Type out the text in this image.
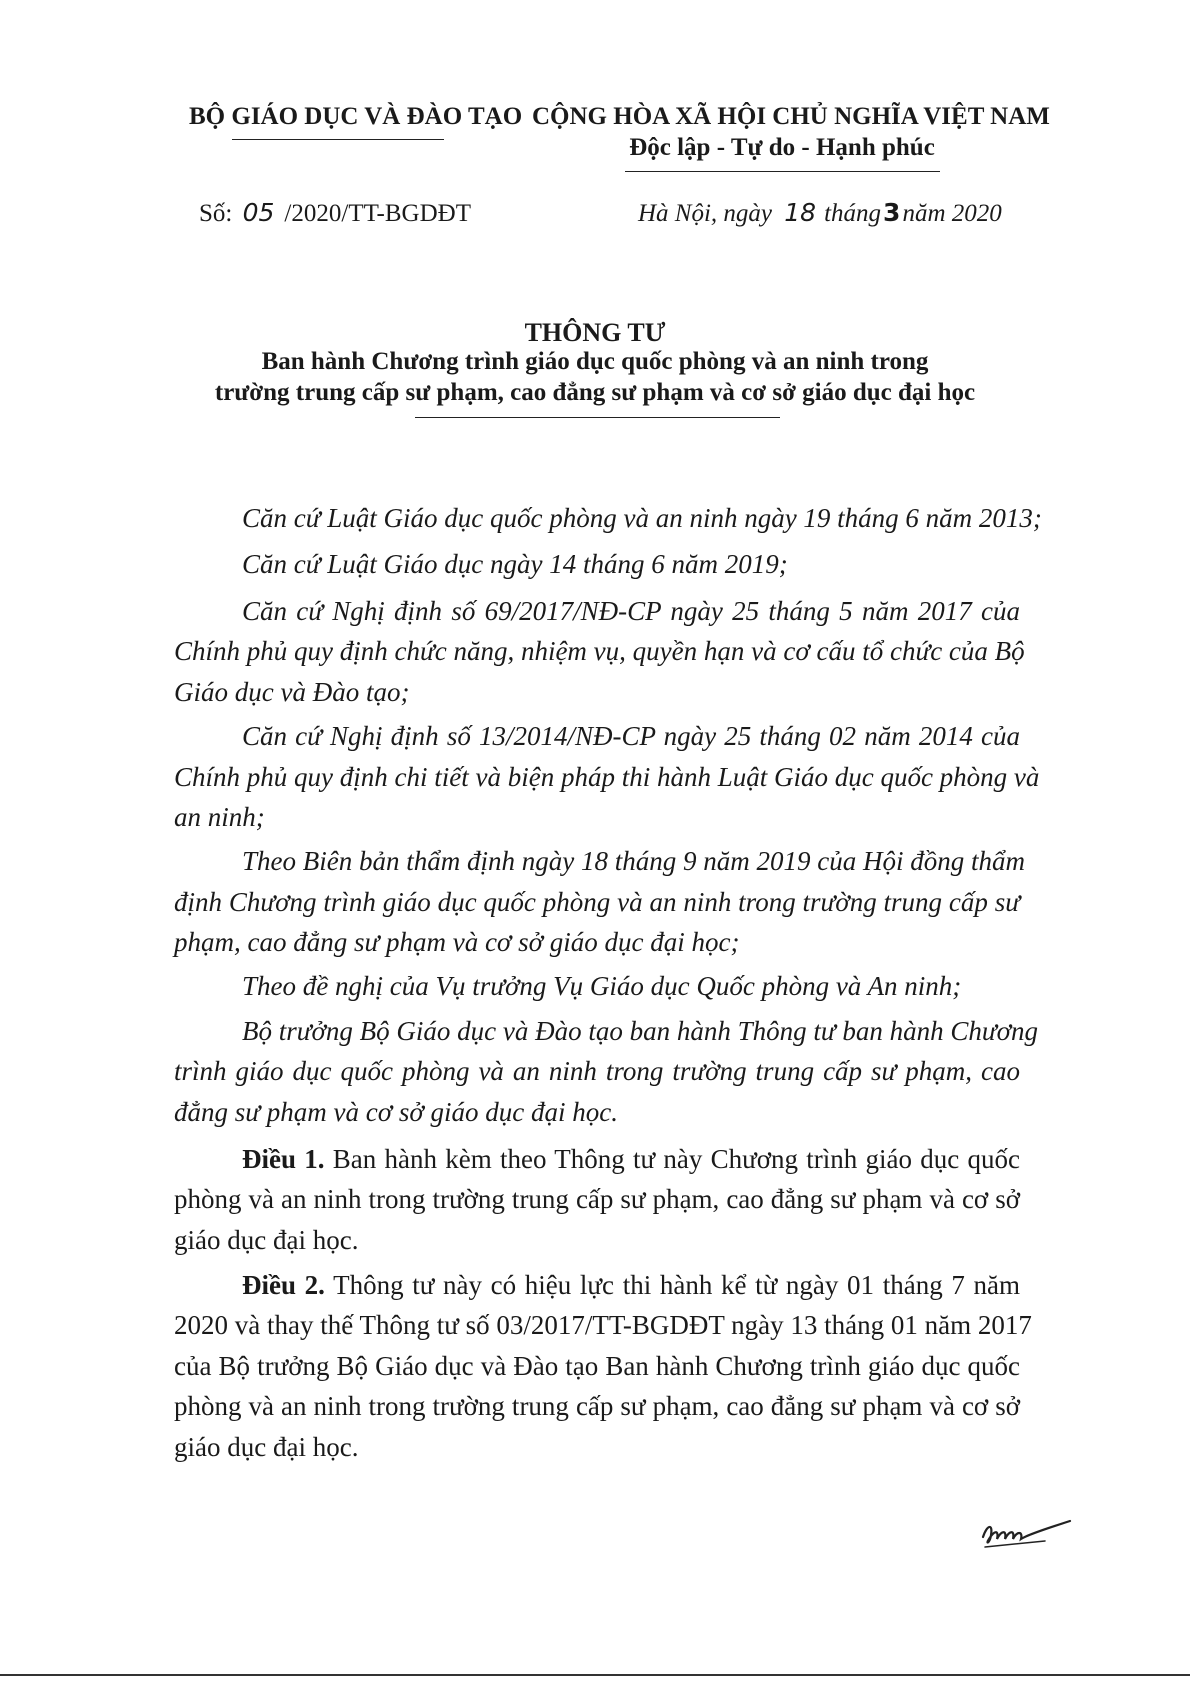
BỘ GIÁO DỤC VÀ ĐÀO TẠO CỘNG HÒA XÃ HỘI CHỦ NGHĨA VIỆT NAM
Độc lập - Tự do - Hạnh phúc
Số: 05 /2020/TT-BGDĐT	Hà Nội, ngày 18 tháng3năm 2020
THÔNG TƯ
Ban hành Chương trình giáo dục quốc phòng và an ninh trong
trường trung cấp sư phạm, cao đẳng sư phạm và cơ sở giáo dục đại học
Căn cứ Luật Giáo dục quốc phòng và an ninh ngày 19 tháng 6 năm 2013;
Căn cứ Luật Giáo dục ngày 14 tháng 6 năm 2019;
Căn cứ Nghị định số 69/2017/NĐ-CP ngày 25 tháng 5 năm 2017 của
Chính phủ quy định chức năng, nhiệm vụ, quyền hạn và cơ cấu tổ chức của Bộ
Giáo dục và Đào tạo;
Căn cứ Nghị định số 13/2014/NĐ-CP ngày 25 tháng 02 năm 2014 của
Chính phủ quy định chi tiết và biện pháp thi hành Luật Giáo dục quốc phòng và
an ninh;
Theo Biên bản thẩm định ngày 18 tháng 9 năm 2019 của Hội đồng thẩm
định Chương trình giáo dục quốc phòng và an ninh trong trường trung cấp sư
phạm, cao đẳng sư phạm và cơ sở giáo dục đại học;
Theo đề nghị của Vụ trưởng Vụ Giáo dục Quốc phòng và An ninh;
Bộ trưởng Bộ Giáo dục và Đào tạo ban hành Thông tư ban hành Chương
trình giáo dục quốc phòng và an ninh trong trường trung cấp sư phạm, cao
đẳng sư phạm và cơ sở giáo dục đại học.
Điều 1. Ban hành kèm theo Thông tư này Chương trình giáo dục quốc
phòng và an ninh trong trường trung cấp sư phạm, cao đẳng sư phạm và cơ sở
giáo dục đại học.
Điều 2. Thông tư này có hiệu lực thi hành kể từ ngày 01 tháng 7 năm
2020 và thay thế Thông tư số 03/2017/TT-BGDĐT ngày 13 tháng 01 năm 2017
của Bộ trưởng Bộ Giáo dục và Đào tạo Ban hành Chương trình giáo dục quốc
phòng và an ninh trong trường trung cấp sư phạm, cao đẳng sư phạm và cơ sở
giáo dục đại học.
